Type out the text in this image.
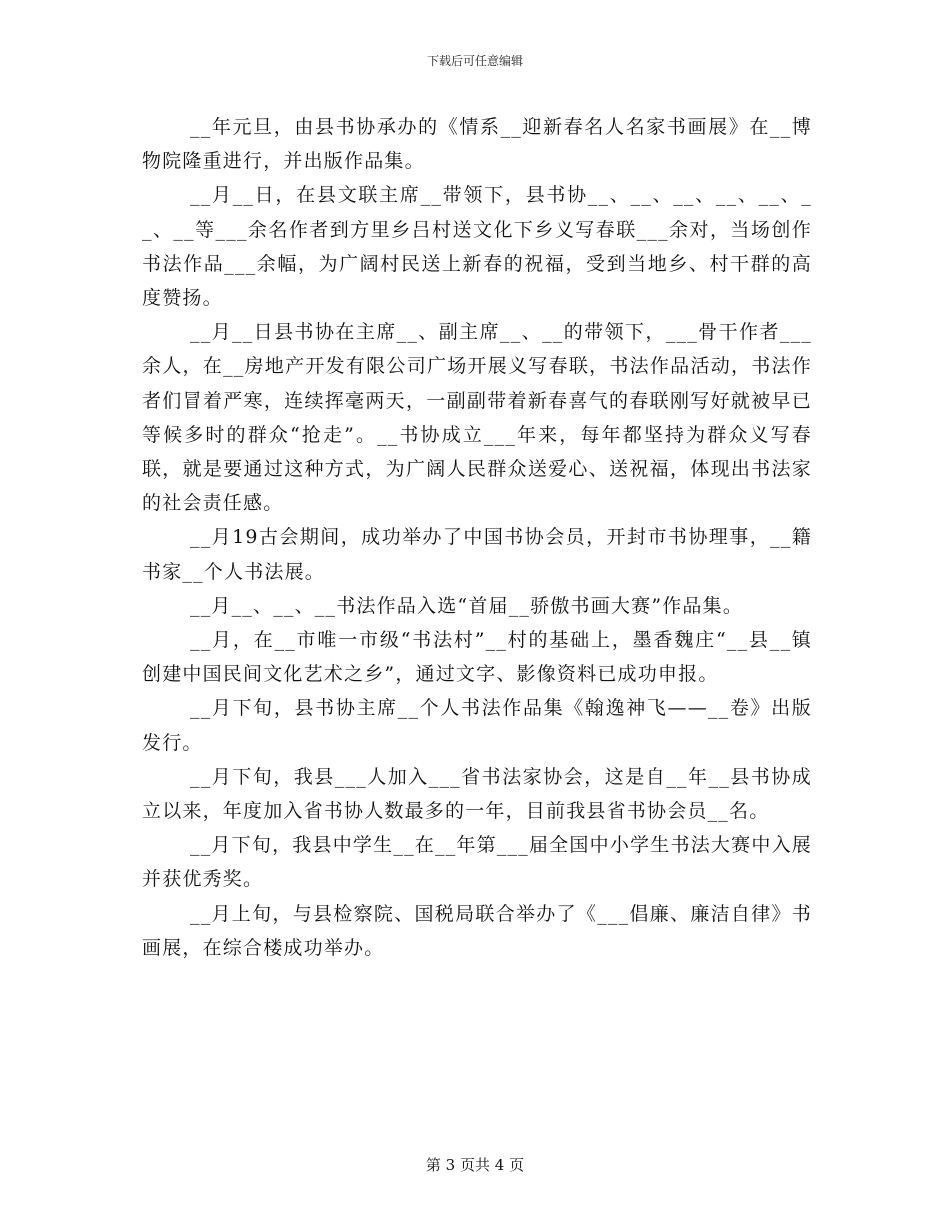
下载后可任意编辑

__年元旦，由县书协承办的《情系__迎新春名人名家书画展》在__博物院隆重进行，并出版作品集。

__月__日，在县文联主席__带领下，县书协__、__、__、__、__、__、__等___余名作者到方里乡吕村送文化下乡义写春联___余对，当场创作书法作品___余幅，为广阔村民送上新春的祝福，受到当地乡、村干群的高度赞扬。

__月__日县书协在主席__、副主席__、__的带领下，___骨干作者___余人，在__房地产开发有限公司广场开展义写春联，书法作品活动，书法作者们冒着严寒，连续挥毫两天，一副副带着新春喜气的春联刚写好就被早已等候多时的群众“抢走”。__书协成立___年来，每年都坚持为群众义写春联，就是要通过这种方式，为广阔人民群众送爱心、送祝福，体现出书法家的社会责任感。

__月19古会期间，成功举办了中国书协会员，开封市书协理事，__籍书家__个人书法展。

__月__、__、__书法作品入选“首届__骄傲书画大赛”作品集。

__月，在__市唯一市级“书法村”__村的基础上，墨香魏庄“__县__镇创建中国民间文化艺术之乡”，通过文字、影像资料已成功申报。

__月下旬，县书协主席__个人书法作品集《翰逸神飞——__卷》出版发行。

__月下旬，我县___人加入___省书法家协会，这是自__年__县书协成立以来，年度加入省书协人数最多的一年，目前我县省书协会员__名。

__月下旬，我县中学生__在__年第___届全国中小学生书法大赛中入展并获优秀奖。

__月上旬，与县检察院、国税局联合举办了《___倡廉、廉洁自律》书画展，在综合楼成功举办。

第 3 页共 4 页
